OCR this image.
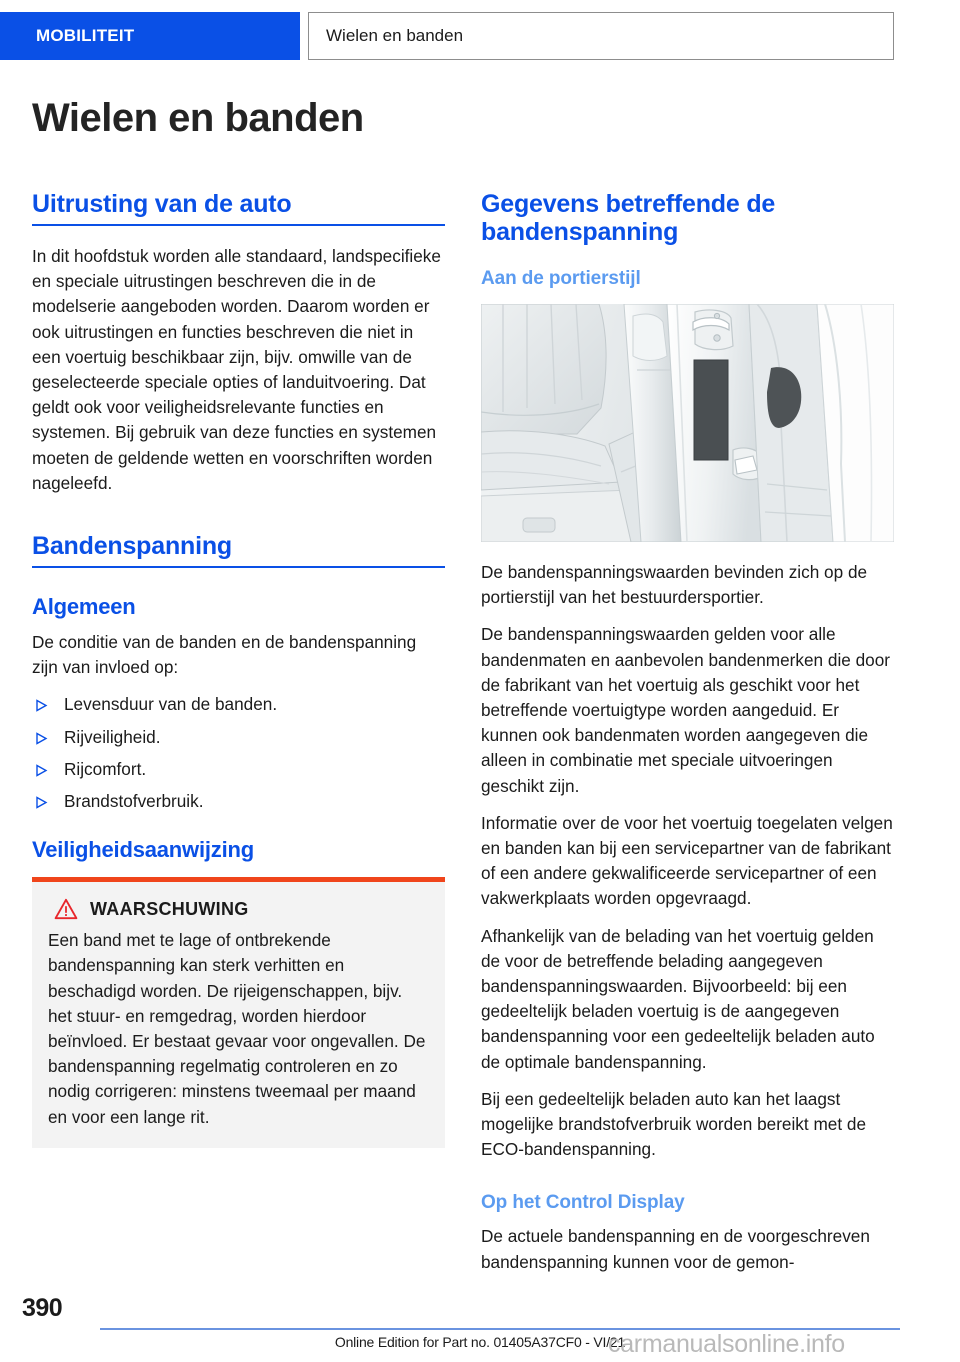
MOBILITEIT	Wielen en banden
Wielen en banden
Uitrusting van de auto

In dit hoofdstuk worden alle standaard, landspecifieke en speciale uitrustingen beschreven die in de modelserie aangeboden worden. Daarom worden er ook uitrustingen en functies beschreven die niet in een voertuig beschikbaar zijn, bijv. omwille van de geselecteerde speciale opties of landuitvoering. Dat geldt ook voor veiligheidsrelevante functies en systemen. Bij gebruik van deze functies en systemen moeten de geldende wetten en voorschriften worden nageleefd.

Bandenspanning
Algemeen

De conditie van de banden en de bandenspanning zijn van invloed op:

Levensduur van de banden.
Rijveiligheid.
Rijcomfort.
Brandstofverbruik.
Veiligheidsaanwijzing
WAARSCHUWING

Een band met te lage of ontbrekende bandenspanning kan sterk verhitten en beschadigd worden. De rijeigenschappen, bijv. het stuur- en remgedrag, worden hierdoor beïnvloed. Er bestaat gevaar voor ongevallen. De bandenspanning regelmatig controleren en zo nodig corrigeren: minstens tweemaal per maand en voor een lange rit.

Gegevens betreffende de bandenspanning
Aan de portierstijl

De bandenspanningswaarden bevinden zich op de portierstijl van het bestuurdersportier.

De bandenspanningswaarden gelden voor alle bandenmaten en aanbevolen bandenmerken die door de fabrikant van het voertuig als geschikt voor het betreffende voertuigtype worden aangeduid. Er kunnen ook bandenmaten worden aangegeven die alleen in combinatie met speciale uitvoeringen geschikt zijn.

Informatie over de voor het voertuig toegelaten velgen en banden kan bij een servicepartner van de fabrikant of een andere gekwalificeerde servicepartner of een vakwerkplaats worden opgevraagd.

Afhankelijk van de belading van het voertuig gelden de voor de betreffende belading aangegeven bandenspanningswaarden. Bijvoorbeeld: bij een gedeeltelijk beladen voertuig is de aangegeven bandenspanning voor een gedeeltelijk beladen auto de optimale bandenspanning.

Bij een gedeeltelijk beladen auto kan het laagst mogelijke brandstofverbruik worden bereikt met de ECO-bandenspanning.

Op het Control Display

De actuele bandenspanning en de voorgeschreven bandenspanning kunnen voor de gemon-

390
Online Edition for Part no. 01405A37CF0 - VI/21
carmanualsonline.info
